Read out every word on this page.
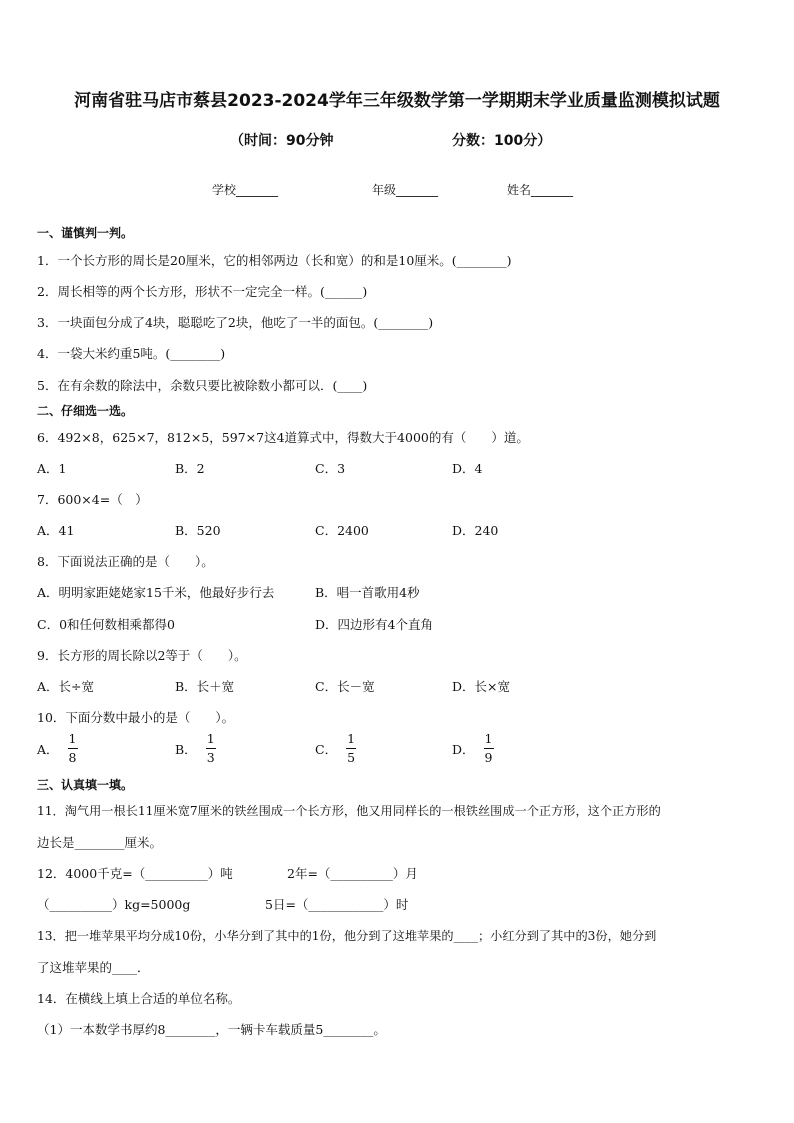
河南省驻马店市蔡县2023-2024学年三年级数学第一学期期末学业质量监测模拟试题
（时间：90分钟	分数：100分）
学校_______	年级_______	姓名_______
一、谨慎判一判。
1．一个长方形的周长是20厘米，它的相邻两边（长和宽）的和是10厘米。(________)
2．周长相等的两个长方形，形状不一定完全一样。(______)
3．一块面包分成了4块，聪聪吃了2块，他吃了一半的面包。(________)
4．一袋大米约重5吨。(________)
5．在有余数的除法中，余数只要比被除数小都可以．(____)
二、仔细选一选。
6．492×8，625×7，812×5，597×7这4道算式中，得数大于4000的有（　　）道。
A．1	B．2	C．3	D．4
7．600×4=（　）
A．41	B．520	C．2400	D．240
8．下面说法正确的是（　　）。
A．明明家距姥姥家15千米，他最好步行去	B．唱一首歌用4秒
C．0和任何数相乘都得0	D．四边形有4个直角
9．长方形的周长除以2等于（　　）。
A．长÷宽	B．长＋宽	C．长－宽	D．长×宽
10．下面分数中最小的是（　　）。
A． $\frac{1}{8}$	B． $\frac{1}{3}$	C． $\frac{1}{5}$	D． $\frac{1}{9}$
三、认真填一填。
11．淘气用一根长11厘米宽7厘米的铁丝围成一个长方形，他又用同样长的一根铁丝围成一个正方形，这个正方形的
边长是________厘米。
12．4000千克=（__________）吨	2年=（__________）月
（__________）kg=5000g	5日=（____________）时
13．把一堆苹果平均分成10份，小华分到了其中的1份，他分到了这堆苹果的____；小红分到了其中的3份，她分到
了这堆苹果的____．
14．在横线上填上合适的单位名称。
（1）一本数学书厚约8________，一辆卡车载质量5________。
